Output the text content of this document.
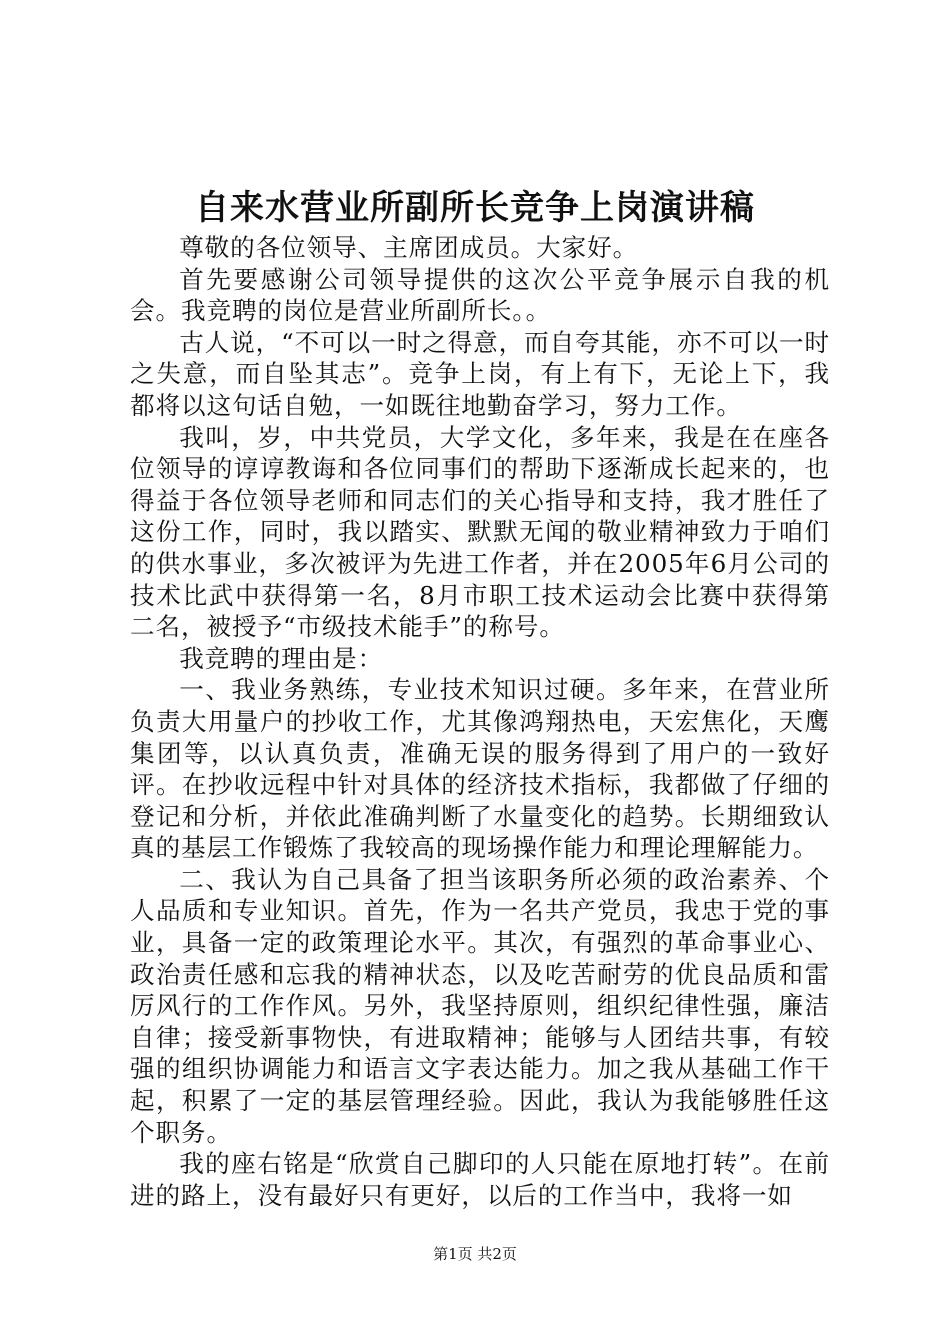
自来水营业所副所长竞争上岗演讲稿

尊敬的各位领导、主席团成员。大家好。

首先要感谢公司领导提供的这次公平竞争展示自我的机会。我竞聘的岗位是营业所副所长。。

古人说，“不可以一时之得意，而自夸其能，亦不可以一时之失意，而自坠其志”。竞争上岗，有上有下，无论上下，我都将以这句话自勉，一如既往地勤奋学习，努力工作。

我叫，岁，中共党员，大学文化，多年来，我是在在座各位领导的谆谆教诲和各位同事们的帮助下逐渐成长起来的，也得益于各位领导老师和同志们的关心指导和支持，我才胜任了这份工作，同时，我以踏实、默默无闻的敬业精神致力于咱们的供水事业，多次被评为先进工作者，并在2005年6月公司的技术比武中获得第一名，8月市职工技术运动会比赛中获得第二名，被授予“市级技术能手”的称号。

我竞聘的理由是：

一、我业务熟练，专业技术知识过硬。多年来，在营业所负责大用量户的抄收工作，尤其像鸿翔热电，天宏焦化，天鹰集团等，以认真负责，准确无误的服务得到了用户的一致好评。在抄收远程中针对具体的经济技术指标，我都做了仔细的登记和分析，并依此准确判断了水量变化的趋势。长期细致认真的基层工作锻炼了我较高的现场操作能力和理论理解能力。

二、我认为自己具备了担当该职务所必须的政治素养、个人品质和专业知识。首先，作为一名共产党员，我忠于党的事业，具备一定的政策理论水平。其次，有强烈的革命事业心、政治责任感和忘我的精神状态，以及吃苦耐劳的优良品质和雷厉风行的工作作风。另外，我坚持原则，组织纪律性强，廉洁自律；接受新事物快，有进取精神；能够与人团结共事，有较强的组织协调能力和语言文字表达能力。加之我从基础工作干起，积累了一定的基层管理经验。因此，我认为我能够胜任这个职务。

我的座右铭是“欣赏自己脚印的人只能在原地打转”。在前进的路上，没有最好只有更好，以后的工作当中，我将一如

第1页 共2页
